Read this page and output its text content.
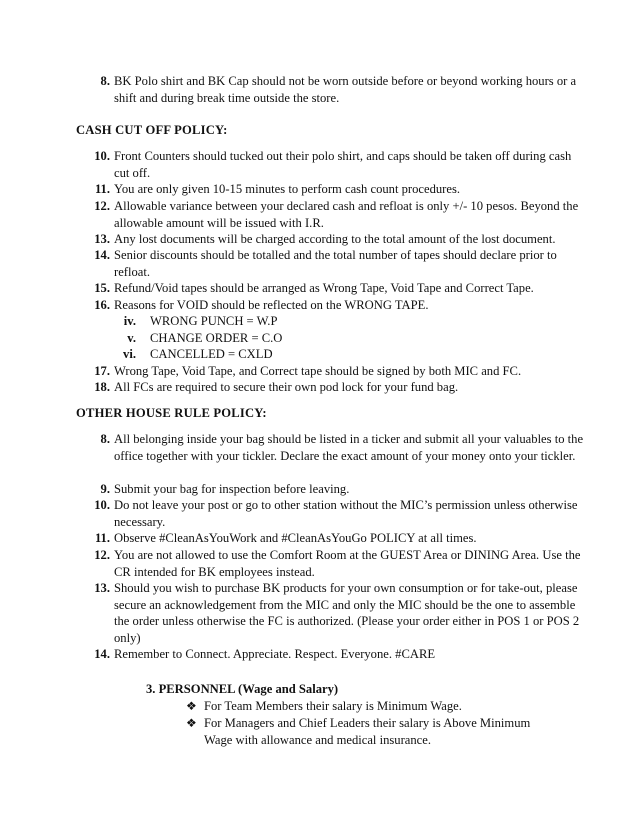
8. BK Polo shirt and BK Cap should not be worn outside before or beyond working hours or a shift and during break time outside the store.
CASH CUT OFF POLICY:
10. Front Counters should tucked out their polo shirt, and caps should be taken off during cash cut off.
11. You are only given 10-15 minutes to perform cash count procedures.
12. Allowable variance between your declared cash and refloat is only +/- 10 pesos. Beyond the allowable amount will be issued with I.R.
13. Any lost documents will be charged according to the total amount of the lost document.
14. Senior discounts should be totalled and the total number of tapes should declare prior to refloat.
15. Refund/Void tapes should be arranged as Wrong Tape, Void Tape and Correct Tape.
16. Reasons for VOID should be reflected on the WRONG TAPE.
iv. WRONG PUNCH = W.P
v. CHANGE ORDER = C.O
vi. CANCELLED = CXLD
17. Wrong Tape, Void Tape, and Correct tape should be signed by both MIC and FC.
18. All FCs are required to secure their own pod lock for your fund bag.
OTHER HOUSE RULE POLICY:
8. All belonging inside your bag should be listed in a ticker and submit all your valuables to the office together with your tickler. Declare the exact amount of your money onto your tickler.
9. Submit your bag for inspection before leaving.
10. Do not leave your post or go to other station without the MIC’s permission unless otherwise necessary.
11. Observe #CleanAsYouWork and #CleanAsYouGo POLICY at all times.
12. You are not allowed to use the Comfort Room at the GUEST Area or DINING Area. Use the CR intended for BK employees instead.
13. Should you wish to purchase BK products for your own consumption or for take-out, please secure an acknowledgement from the MIC and only the MIC should be the one to assemble the order unless otherwise the FC is authorized. (Please your order either in POS 1 or POS 2 only)
14. Remember to Connect. Appreciate. Respect. Everyone. #CARE
3. PERSONNEL (Wage and Salary)
❖ For Team Members their salary is Minimum Wage.
❖ For Managers and Chief Leaders their salary is Above Minimum Wage with allowance and medical insurance.
